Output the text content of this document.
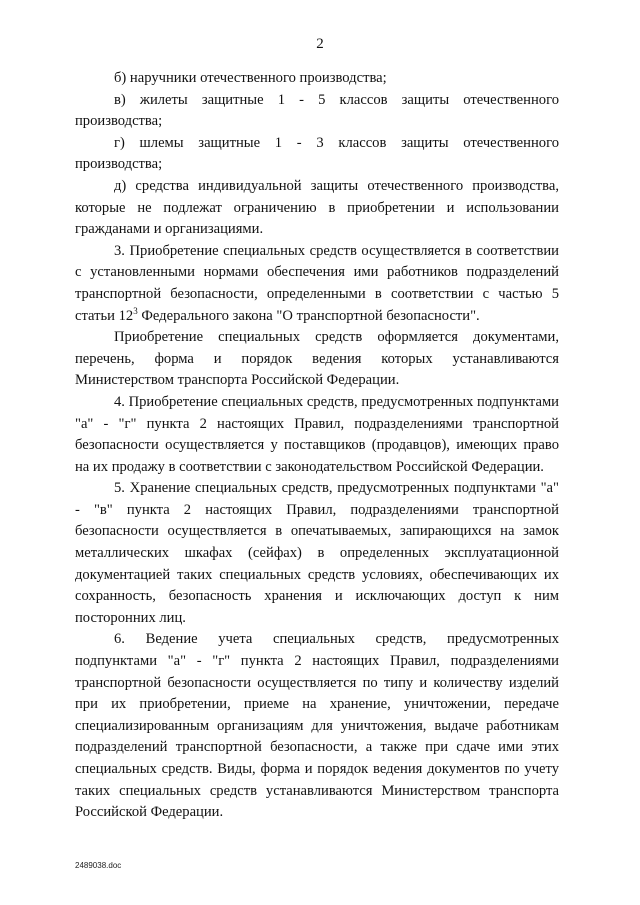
2

б) наручники отечественного производства;

в) жилеты защитные 1 - 5 классов защиты отечественного производства;

г) шлемы защитные 1 - 3 классов защиты отечественного производства;

д) средства индивидуальной защиты отечественного производства, которые не подлежат ограничению в приобретении и использовании гражданами и организациями.

3. Приобретение специальных средств осуществляется в соответствии с установленными нормами обеспечения ими работников подразделений транспортной безопасности, определенными в соответствии с частью 5 статьи $12^3$ Федерального закона "О транспортной безопасности".

Приобретение специальных средств оформляется документами, перечень, форма и порядок ведения которых устанавливаются Министерством транспорта Российской Федерации.

4. Приобретение специальных средств, предусмотренных подпунктами "а" - "г" пункта 2 настоящих Правил, подразделениями транспортной безопасности осуществляется у поставщиков (продавцов), имеющих право на их продажу в соответствии с законодательством Российской Федерации.

5. Хранение специальных средств, предусмотренных подпунктами "а" - "в" пункта 2 настоящих Правил, подразделениями транспортной безопасности осуществляется в опечатываемых, запирающихся на замок металлических шкафах (сейфах) в определенных эксплуатационной документацией таких специальных средств условиях, обеспечивающих их сохранность, безопасность хранения и исключающих доступ к ним посторонних лиц.

6. Ведение учета специальных средств, предусмотренных подпунктами "а" - "г" пункта 2 настоящих Правил, подразделениями транспортной безопасности осуществляется по типу и количеству изделий при их приобретении, приеме на хранение, уничтожении, передаче специализированным организациям для уничтожения, выдаче работникам подразделений транспортной безопасности, а также при сдаче ими этих специальных средств. Виды, форма и порядок ведения документов по учету таких специальных средств устанавливаются Министерством транспорта Российской Федерации.

2489038.doc
